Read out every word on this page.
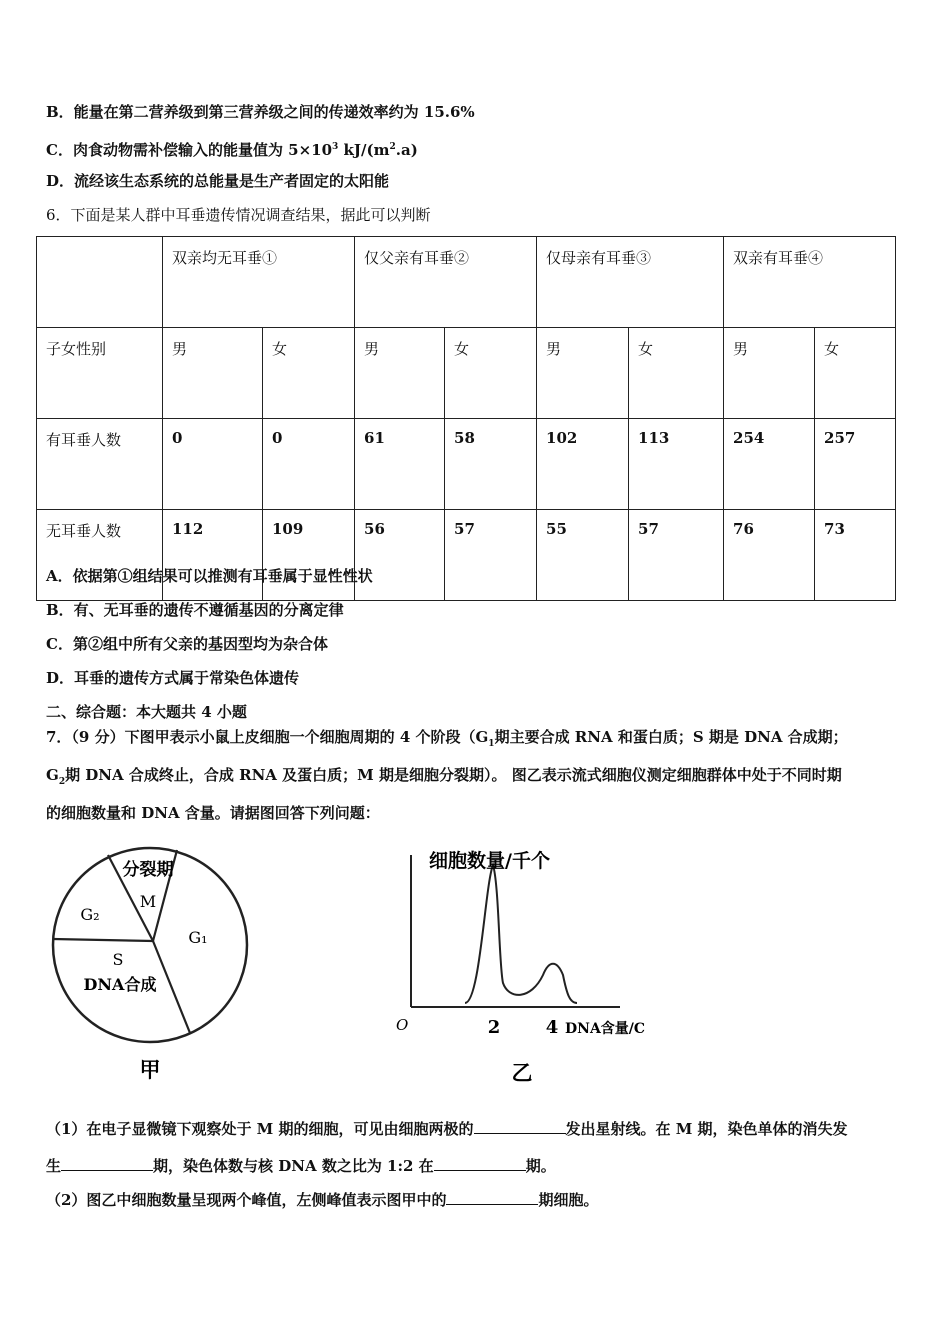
B．能量在第二营养级到第三营养级之间的传递效率约为 15.6%
C．肉食动物需补偿输入的能量值为 $5\times 10^3$ $kJ/(m^2.a)$
D．流经该生态系统的总能量是生产者固定的太阳能
6．下面是某人群中耳垂遗传情况调查结果，据此可以判断
	双亲均无耳垂①		仅父亲有耳垂②		仅母亲有耳垂③		双亲有耳垂④	
子女性别	男	女	男	女	男	女	男	女
有耳垂人数	0	0	61	58	102	113	254	257
无耳垂人数	112	109	56	57	55	57	76	73
A．依据第①组结果可以推测有耳垂属于显性性状
B．有、无耳垂的遗传不遵循基因的分离定律
C．第②组中所有父亲的基因型均为杂合体
D．耳垂的遗传方式属于常染色体遗传
二、综合题：本大题共 4 小题
7．（9 分）下图甲表示小鼠上皮细胞一个细胞周期的 4 个阶段（$G_1$期主要合成 RNA 和蛋白质；S 期是 DNA 合成期；
$G_2$期 DNA 合成终止，合成 RNA 及蛋白质；M 期是细胞分裂期）。 图乙表示流式细胞仪测定细胞群体中处于不同时期
的细胞数量和 DNA 含量。请据图回答下列问题：
分裂期
M
G₂
G₁
S
DNA合成
甲
细胞数量/千个
O	2	4 DNA含量/C
乙
（1）在电子显微镜下观察处于 M 期的细胞，可见由细胞两极的	发出星射线。在 M 期，染色单体的消失发
生	期，染色体数与核 DNA 数之比为 1:2 在	期。
（2）图乙中细胞数量呈现两个峰值，左侧峰值表示图甲中的	期细胞。
